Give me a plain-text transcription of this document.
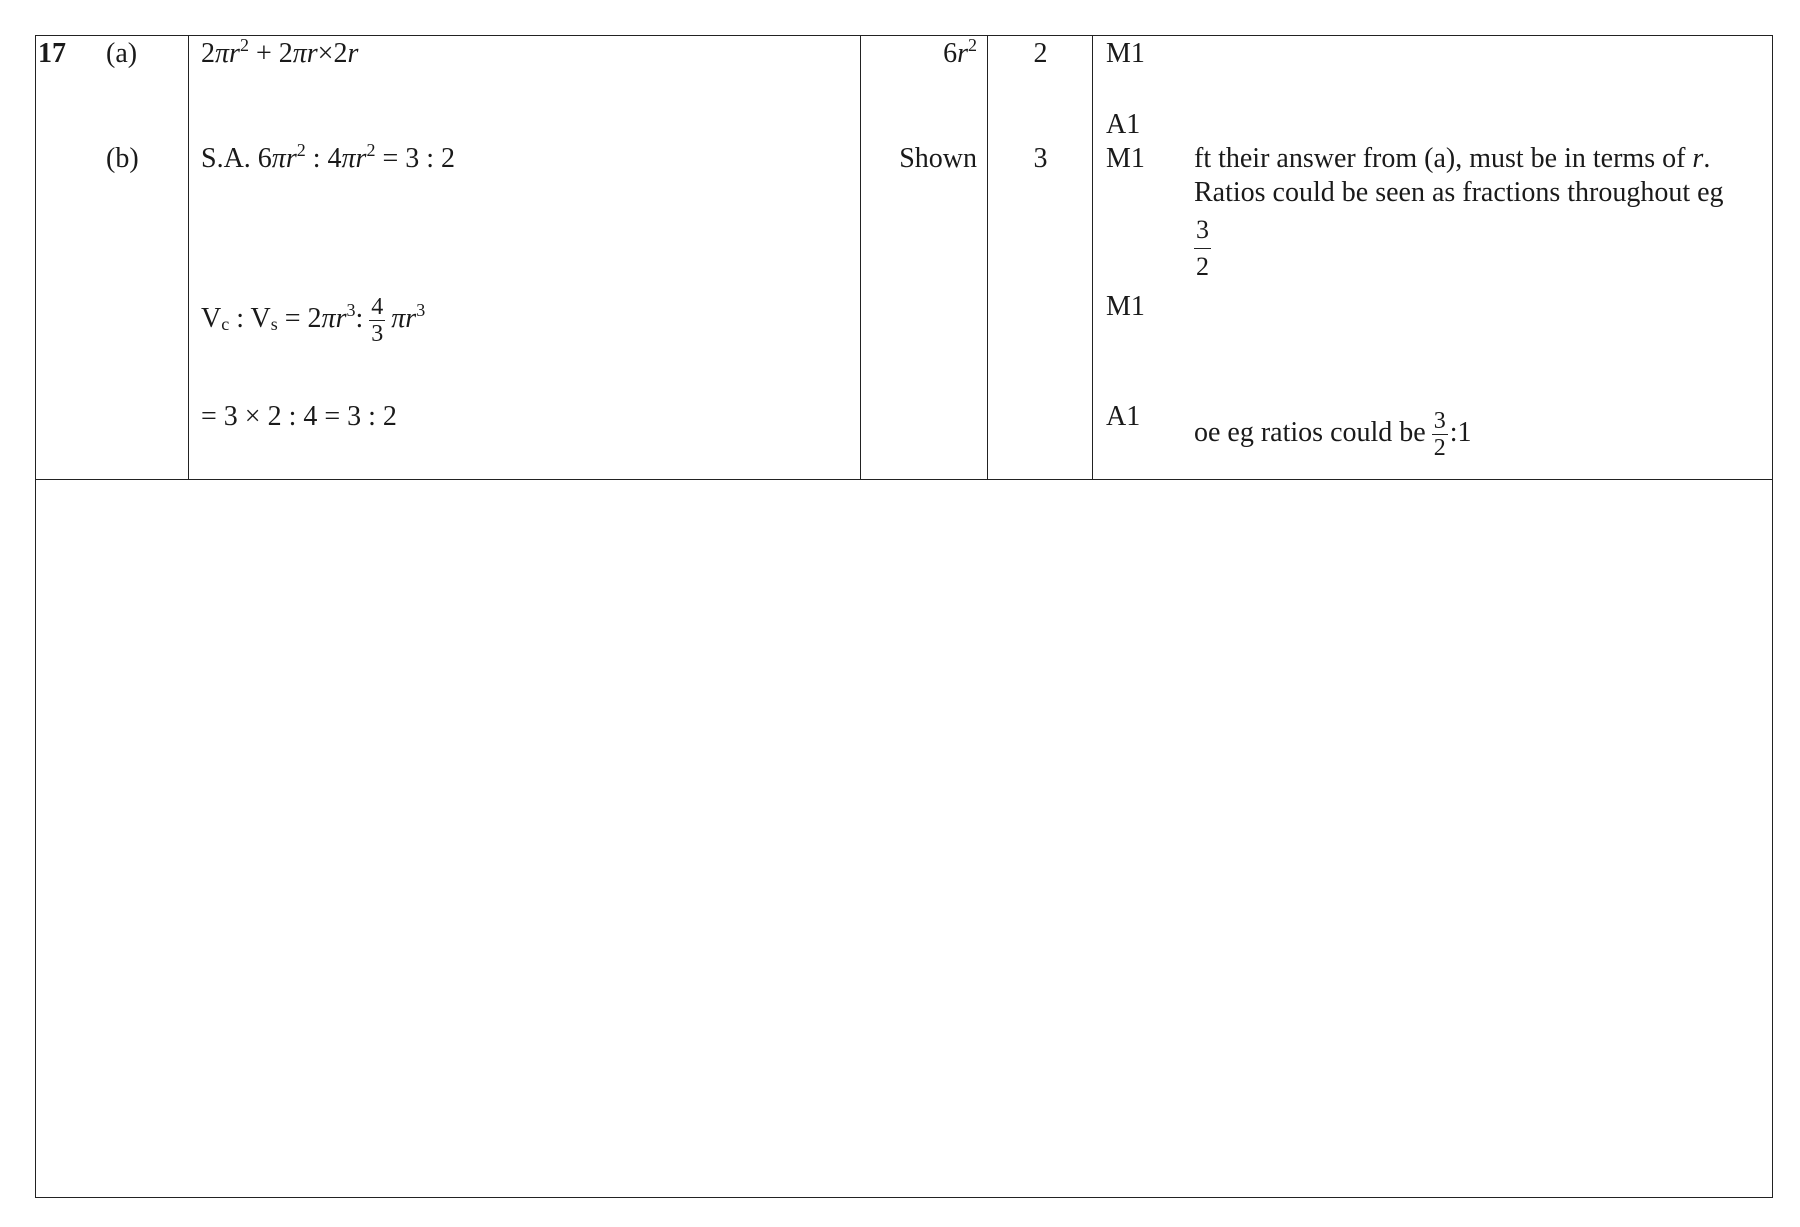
17 (a)
(b)
$2\pi r^2 + 2\pi r\times 2r$
S.A. $6\pi r^2$ : $4\pi r^2 = 3$ : 2
$V_c$ : $V_s = 2\pi r^3$: $\frac{4}{3} \pi r^3$
= 3 × 2 : 4 = 3 : 2
$6r^2$
Shown
2
3
M1
A1
M1
M1
A1
ft their answer from (a), must be in terms of r.
Ratios could be seen as fractions throughout eg
$\frac{3}{2}$
oe eg ratios could be $\frac{3}{2}$ :1
